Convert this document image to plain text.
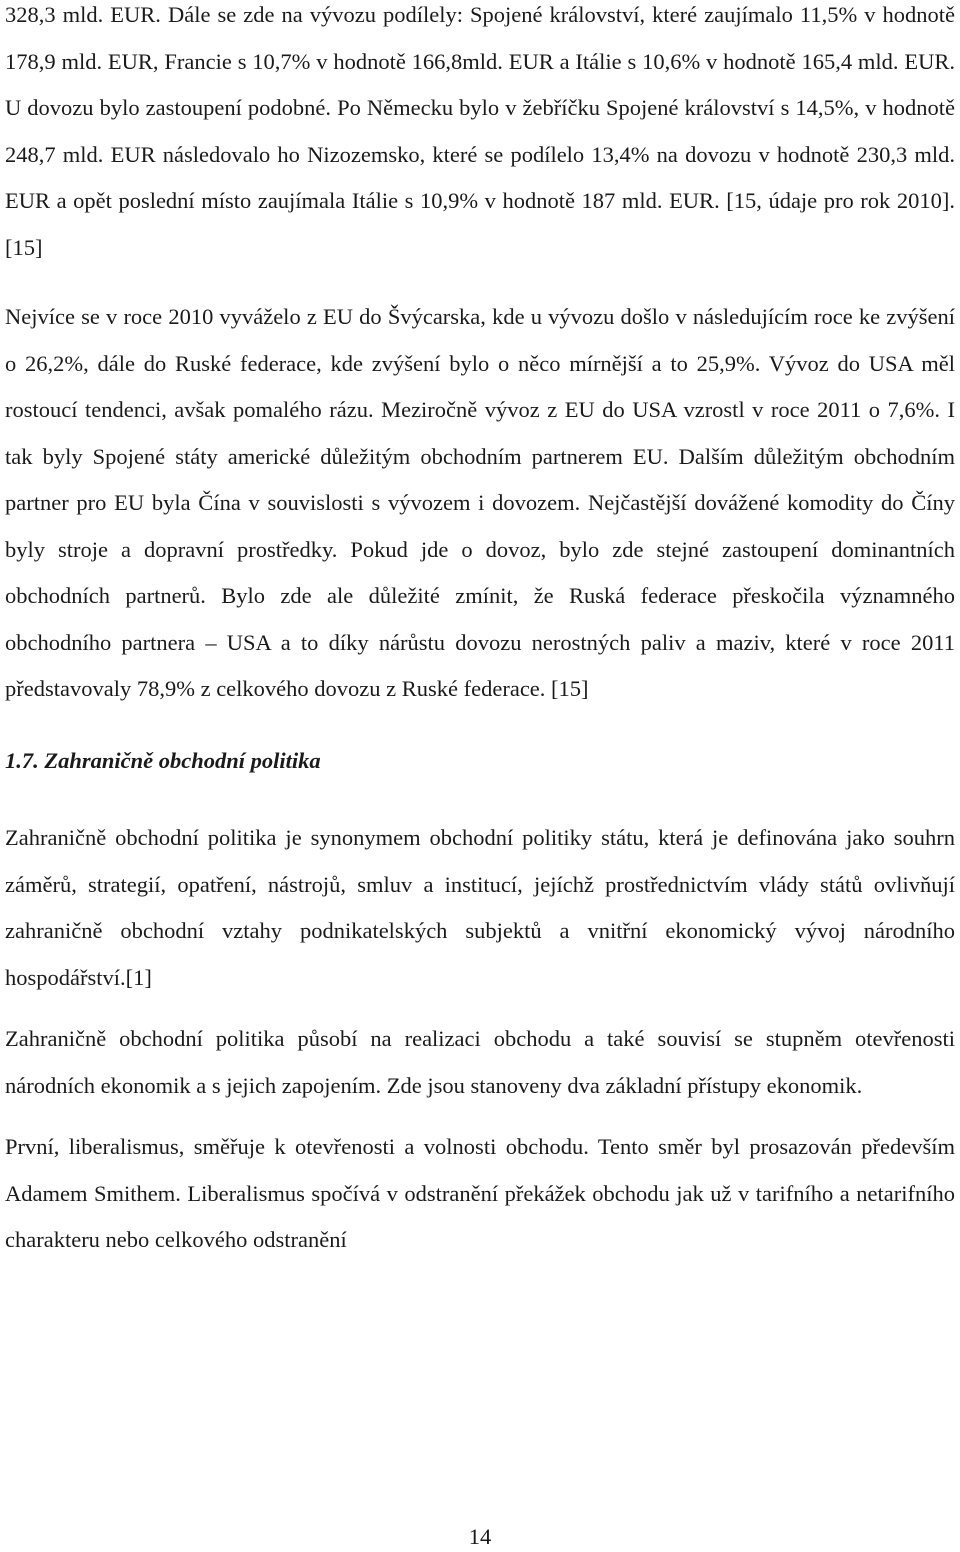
328,3 mld. EUR. Dále se zde na vývozu podílely: Spojené království, které zaujímalo 11,5% v hodnotě 178,9 mld. EUR, Francie s 10,7% v hodnotě 166,8mld. EUR a Itálie s 10,6% v hodnotě 165,4 mld. EUR. U dovozu bylo zastoupení podobné. Po Německu bylo v žebříčku Spojené království s 14,5%, v hodnotě 248,7 mld. EUR následovalo ho Nizozemsko, které se podílelo 13,4% na dovozu v hodnotě 230,3 mld. EUR a opět poslední místo zaujímala Itálie s 10,9% v hodnotě 187 mld. EUR. [15, údaje pro rok 2010]. [15]

Nejvíce se v roce 2010 vyváželo z EU do Švýcarska, kde u vývozu došlo v následujícím roce ke zvýšení o 26,2%, dále do Ruské federace, kde zvýšení bylo o něco mírnější a to 25,9%. Vývoz do USA měl rostoucí tendenci, avšak pomalého rázu. Meziročně vývoz z EU do USA vzrostl v roce 2011 o 7,6%. I tak byly Spojené státy americké důležitým obchodním partnerem EU. Dalším důležitým obchodním partner pro EU byla Čína v souvislosti s vývozem i dovozem. Nejčastější dovážené komodity do Číny byly stroje a dopravní prostředky. Pokud jde o dovoz, bylo zde stejné zastoupení dominantních obchodních partnerů. Bylo zde ale důležité zmínit, že Ruská federace přeskočila významného obchodního partnera – USA a to díky nárůstu dovozu nerostných paliv a maziv, které v roce 2011 představovaly 78,9% z celkového dovozu z Ruské federace. [15]

1.7. Zahraničně obchodní politika

Zahraničně obchodní politika je synonymem obchodní politiky státu, která je definována jako souhrn záměrů, strategií, opatření, nástrojů, smluv a institucí, jejíchž prostřednictvím vlády států ovlivňují zahraničně obchodní vztahy podnikatelských subjektů a vnitřní ekonomický vývoj národního hospodářství.[1]

Zahraničně obchodní politika působí na realizaci obchodu a také souvisí se stupněm otevřenosti národních ekonomik a s jejich zapojením. Zde jsou stanoveny dva základní přístupy ekonomik.

První, liberalismus, směřuje k otevřenosti a volnosti obchodu. Tento směr byl prosazován především Adamem Smithem. Liberalismus spočívá v odstranění překážek obchodu jak už v tarifního a netarifního charakteru nebo celkového odstranění

14
